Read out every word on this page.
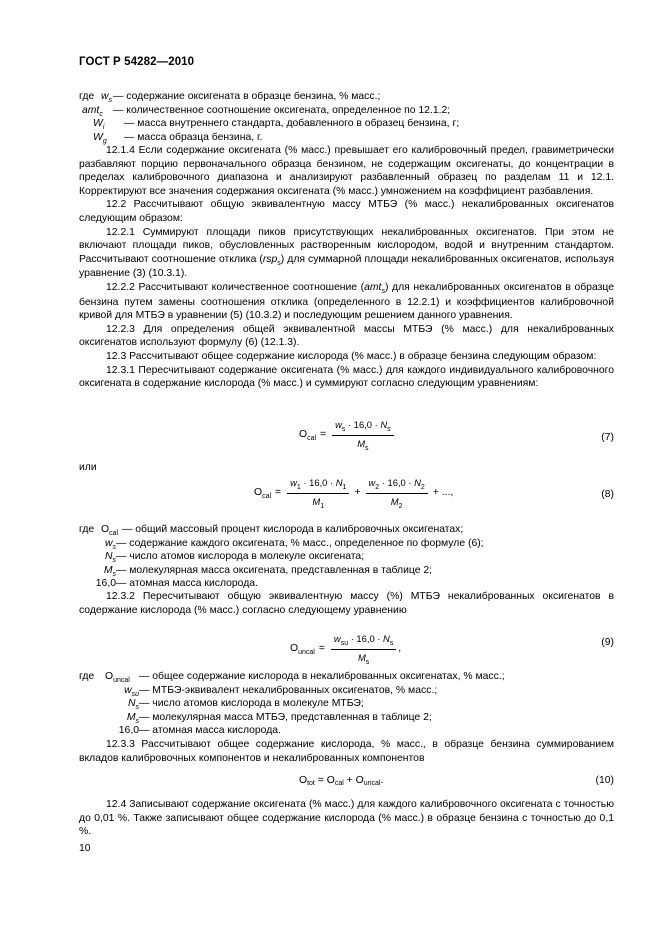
ГОСТ Р 54282—2010
где $w_s$ — содержание оксигената в образце бензина, % масс.;
amt$_c$ — количественное соотношение оксигената, определенное по 12.1.2;
$W_i$	— масса внутреннего стандарта, добавленного в образец бензина, г;
$W_g$	— масса образца бензина, г.

12.1.4 Если содержание оксигената (% масс.) превышает его калибровочный предел, гравиметрически разбавляют порцию первоначального образца бензином, не содержащим оксигенаты, до концентрации в пределах калибровочного диапазона и анализируют разбавленный образец по разделам 11 и 12.1. Корректируют все значения содержания оксигената (% масс.) умножением на коэффициент разбавления.

12.2 Рассчитывают общую эквивалентную массу МТБЭ (% масс.) некалиброванных оксигенатов следующим образом:

12.2.1 Суммируют площади пиков присутствующих некалиброванных оксигенатов. При этом не включают площади пиков, обусловленных растворенным кислородом, водой и внутренним стандартом. Рассчитывают соотношение отклика (rsp$_s$) для суммарной площади некалиброванных оксигенатов, используя уравнение (3) (10.3.1).

12.2.2 Рассчитывают количественное соотношение (amt$_s$) для некалиброванных оксигенатов в образце бензина путем замены соотношения отклика (определенного в 12.2.1) и коэффициентов калибровочной кривой для МТБЭ в уравнении (5) (10.3.2) и последующим решением данного уравнения.

12.2.3 Для определения общей эквивалентной массы МТБЭ (% масс.) для некалиброванных оксигенатов используют формулу (6) (12.1.3).

12.3 Рассчитывают общее содержание кислорода (% масс.) в образце бензина следующим образом:

12.3.1 Пересчитывают содержание оксигената (% масс.) для каждого индивидуального калибровочного оксигената в содержание кислорода (% масс.) и суммируют согласно следующим уравнениям:

$O_{cal} = \frac{w_s \cdot 16,0 \cdot N_s}{M_s}$	(7)
или
$O_{cal} = \frac{w_1 \cdot 16,0 \cdot N_1}{M_1} + \frac{w_2 \cdot 16,0 \cdot N_2}{M_2}$ + ...,	(8)
где $O_{cal}$ — общий массовый процент кислорода в калибровочных оксигенатах;
$w_s$ — содержание каждого оксигената, % масс., определенное по формуле (6);
$N_s$ — число атомов кислорода в молекуле оксигената;
$M_s$ — молекулярная масса оксигената, представленная в таблице 2;
16,0 — атомная масса кислорода.
12.3.2 Пересчитывают общую эквивалентную массу (%) МТБЭ некалиброванных оксигенатов в содержание кислорода (% масс.) согласно следующему уравнению
$O_{uncal} = \frac{w_{su} \cdot 16,0 \cdot N_s}{M_s}$ ,
(9)
где	$O_{uncal}$ — общее содержание кислорода в некалиброванных оксигенатах, % масс.;
$w_{su}$ — МТБЭ-эквивалент некалиброванных оксигенатов, % масс.;
$N_s$ — число атомов кислорода в молекуле МТБЭ;
$M_s$ — молекулярная масса МТБЭ, представленная в таблице 2;
16,0 — атомная масса кислорода.
12.3.3 Рассчитывают общее содержание кислорода, % масс., в образце бензина суммированием вкладов калибровочных компонентов и некалиброванных компонентов
O tot = O cal + O uncal .	(10)
12.4 Записывают содержание оксигената (% масс.) для каждого калибровочного оксигената с точностью до 0,01 %. Также записывают общее содержание кислорода (% масс.) в образце бензина с точностью до 0,1 %.
10
